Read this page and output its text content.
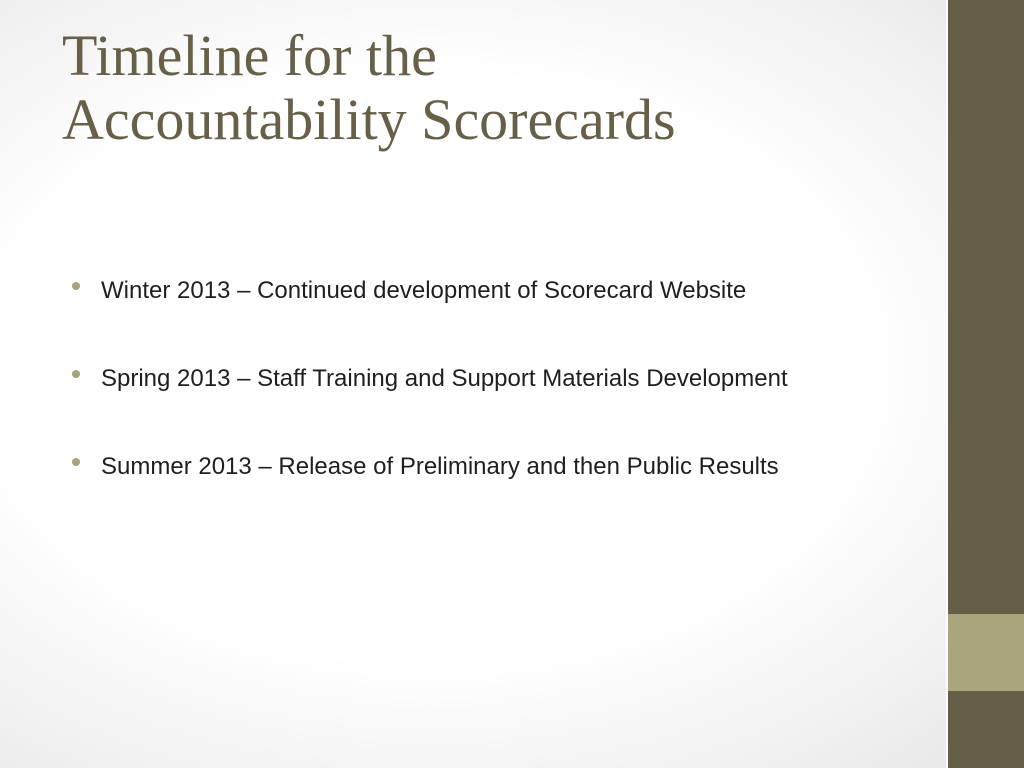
Timeline for the
Accountability Scorecards
Winter 2013 – Continued development of Scorecard Website
Spring 2013 – Staff Training and Support Materials Development
Summer 2013 – Release of Preliminary and then Public Results
